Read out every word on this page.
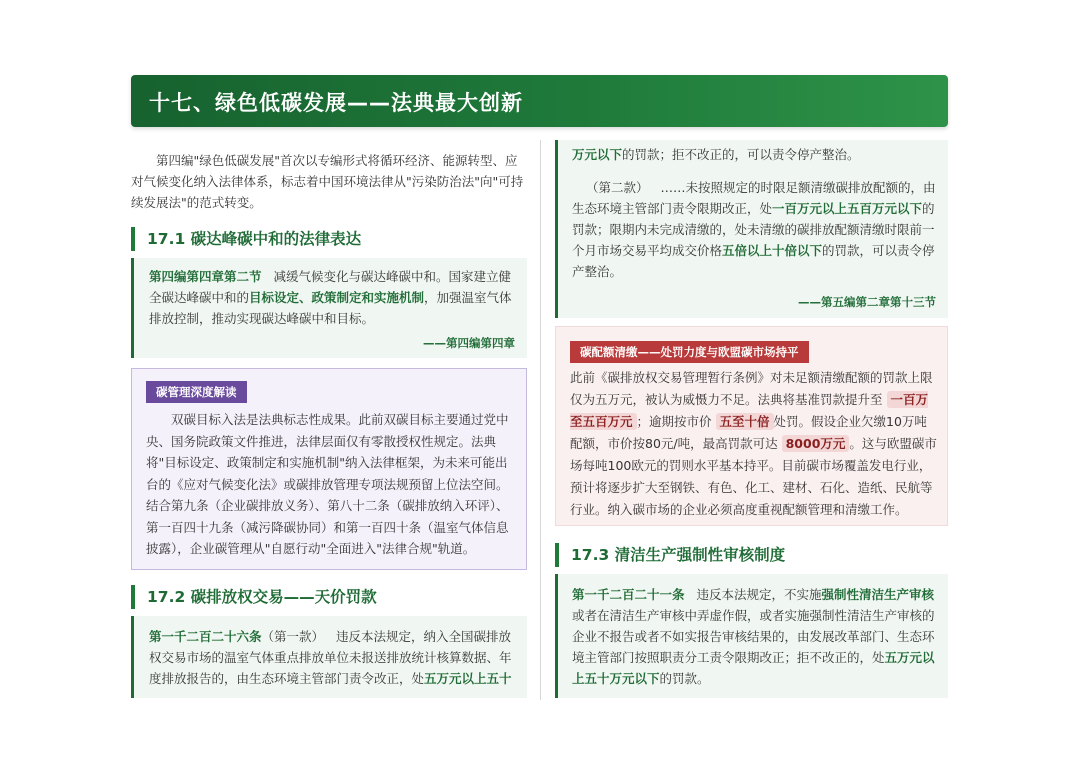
十七、绿色低碳发展——法典最大创新
第四编"绿色低碳发展"首次以专编形式将循环经济、能源转型、应对气候变化纳入法律体系，标志着中国环境法律从"污染防治法"向"可持续发展法"的范式转变。
17.1 碳达峰碳中和的法律表达
第四编第四章第二节 减缓气候变化与碳达峰碳中和。国家建立健全碳达峰碳中和的目标设定、政策制定和实施机制，加强温室气体排放控制，推动实现碳达峰碳中和目标。
——第四编第四章
碳管理深度解读
双碳目标入法是法典标志性成果。此前双碳目标主要通过党中央、国务院政策文件推进，法律层面仅有零散授权性规定。法典将"目标设定、政策制定和实施机制"纳入法律框架，为未来可能出台的《应对气候变化法》或碳排放管理专项法规预留上位法空间。结合第九条（企业碳排放义务）、第八十二条（碳排放纳入环评）、第一百四十九条（减污降碳协同）和第一百四十条（温室气体信息披露），企业碳管理从"自愿行动"全面进入"法律合规"轨道。
17.2 碳排放权交易——天价罚款
第一千二百二十六条（第一款） 违反本法规定，纳入全国碳排放权交易市场的温室气体重点排放单位未报送排放统计核算数据、年度排放报告的，由生态环境主管部门责令改正，处五万元以上五十
万元以下的罚款；拒不改正的，可以责令停产整治。
（第二款） ……未按照规定的时限足额清缴碳排放配额的，由生态环境主管部门责令限期改正，处一百万元以上五百万元以下的罚款；限期内未完成清缴的，处未清缴的碳排放配额清缴时限前一个月市场交易平均成交价格五倍以上十倍以下的罚款，可以责令停产整治。
——第五编第二章第十三节
碳配额清缴——处罚力度与欧盟碳市场持平
此前《碳排放权交易管理暂行条例》对未足额清缴配额的罚款上限仅为五万元，被认为威慑力不足。法典将基准罚款提升至 一百万至五百万元 ；逾期按市价 五至十倍 处罚。假设企业欠缴10万吨配额，市价按80元/吨，最高罚款可达 8000万元 。这与欧盟碳市场每吨100欧元的罚则水平基本持平。目前碳市场覆盖发电行业，预计将逐步扩大至钢铁、有色、化工、建材、石化、造纸、民航等行业。纳入碳市场的企业必须高度重视配额管理和清缴工作。
17.3 清洁生产强制性审核制度
第一千二百二十一条 违反本法规定，不实施强制性清洁生产审核或者在清洁生产审核中弄虚作假，或者实施强制性清洁生产审核的企业不报告或者不如实报告审核结果的，由发展改革部门、生态环境主管部门按照职责分工责令限期改正；拒不改正的，处五万元以上五十万元以下的罚款。
